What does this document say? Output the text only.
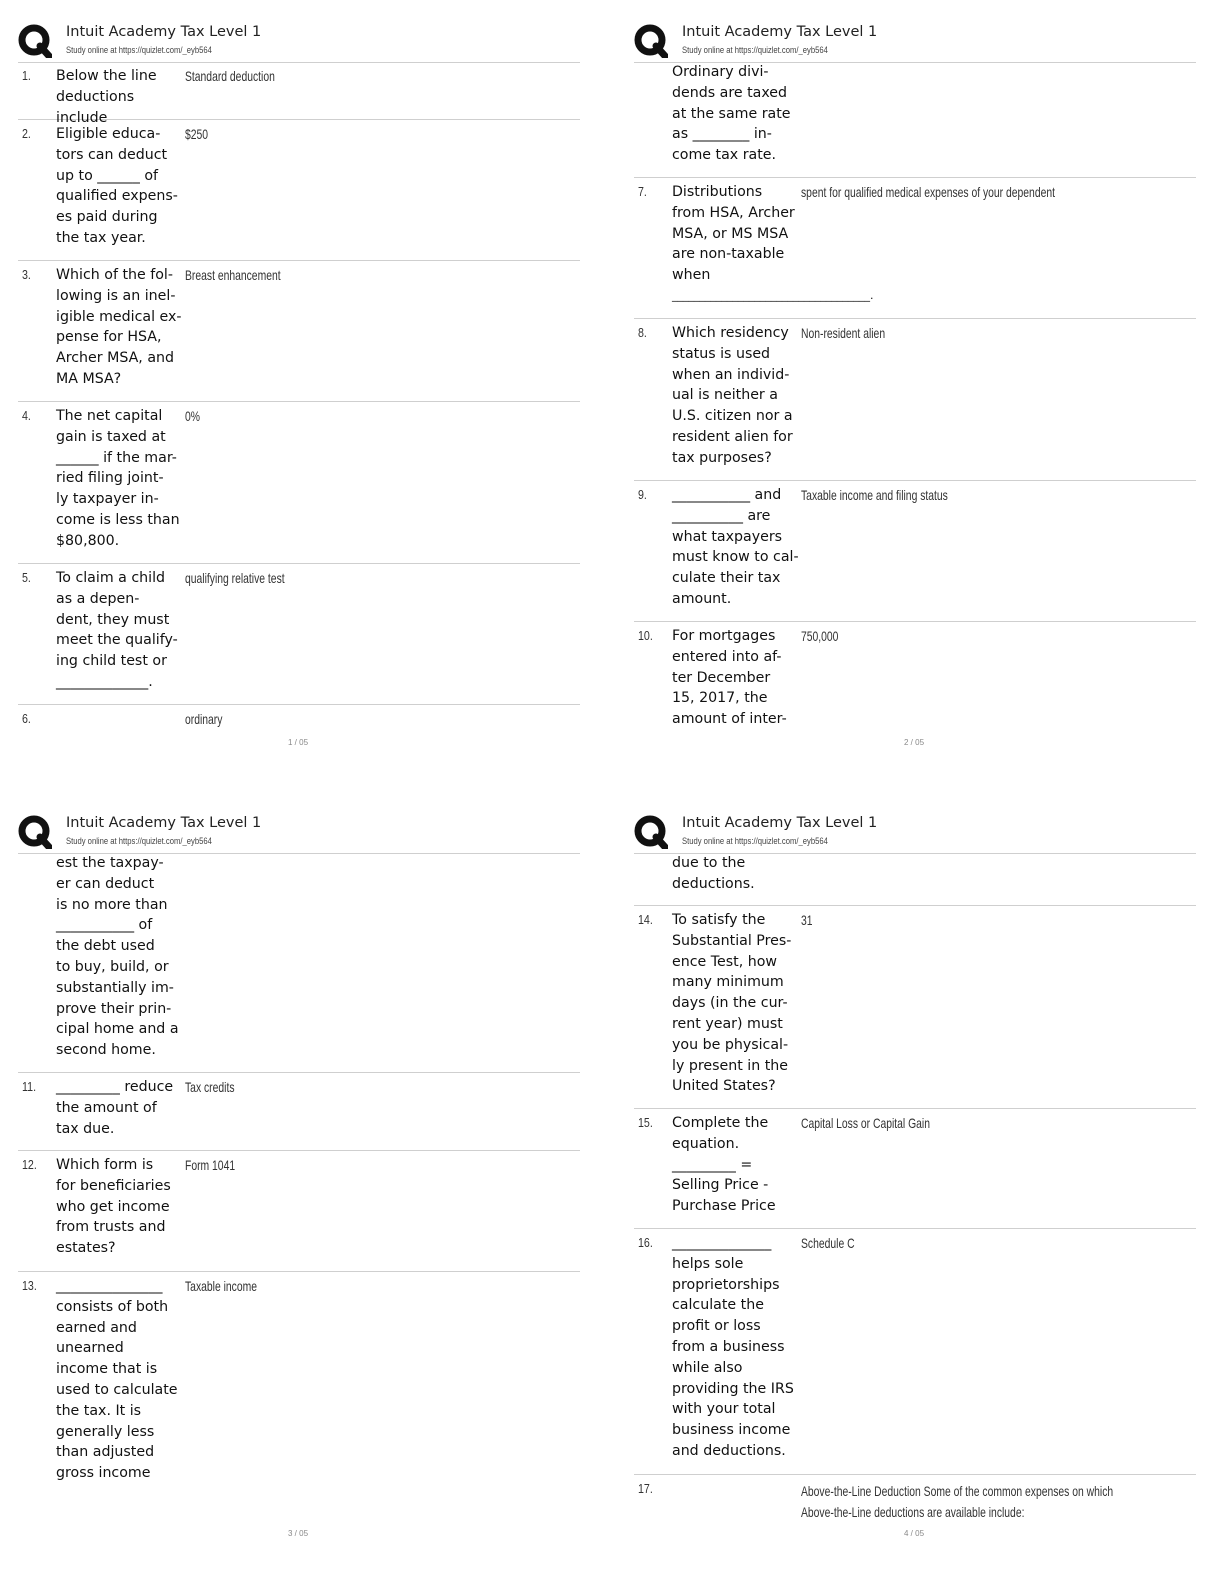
Intuit Academy Tax Level 1
Study online at https://quizlet.com/_eyb564
1. Below the line deductions include
Standard deduction
2. Eligible educa-
tors can deduct
up to ______ of
qualified expens-
es paid during
the tax year.
$250
3. Which of the fol-
lowing is an inel-
igible medical ex-
pense for HSA,
Archer MSA, and
MA MSA?
Breast enhancement
4. The net capital
gain is taxed at
______ if the mar-
ried filing joint-
ly taxpayer in-
come is less than
$80,800.
0%
5. To claim a child
as a depen-
dent, they must
meet the qualify-
ing child test or
_____________.
qualifying relative test
6.	ordinary
1 / 05
Intuit Academy Tax Level 1
Study online at https://quizlet.com/_eyb564
Ordinary divi-
dends are taxed
at the same rate
as ________ in-
come tax rate.
7. Distributions
from HSA, Archer
MSA, or MS MSA
are non-taxable
when
____________________________________.
spent for qualified medical expenses of your dependent
8. Which residency
status is used
when an individ-
ual is neither a
U.S. citizen nor a
resident alien for
tax purposes?
Non-resident alien
9. ___________ and
__________ are
what taxpayers
must know to cal-
culate their tax
amount.
Taxable income and filing status
10. For mortgages
entered into af-
ter December
15, 2017, the
amount of inter-
750,000
2 / 05
Intuit Academy Tax Level 1
Study online at https://quizlet.com/_eyb564
est the taxpay-
er can deduct
is no more than
___________ of
the debt used
to buy, build, or
substantially im-
prove their prin-
cipal home and a
second home.
11. _________ reduce
the amount of
tax due.
Tax credits
12. Which form is
for beneficiaries
who get income
from trusts and
estates?
Form 1041
13. _______________
consists of both
earned and
unearned
income that is
used to calculate
the tax. It is
generally less
than adjusted
gross income
Taxable income
3 / 05
Intuit Academy Tax Level 1
Study online at https://quizlet.com/_eyb564
due to the
deductions.
14. To satisfy the
Substantial Pres-
ence Test, how
many minimum
days (in the cur-
rent year) must
you be physical-
ly present in the
United States?
31
15. Complete the
equation.
_________ =
Selling Price -
Purchase Price
Capital Loss or Capital Gain
16. ______________
helps sole
proprietorships
calculate the
profit or loss
from a business
while also
providing the IRS
with your total
business income
and deductions.
Schedule C
17.	Above-the-Line Deduction Some of the common expenses on which
Above-the-Line deductions are available include:
4 / 05
